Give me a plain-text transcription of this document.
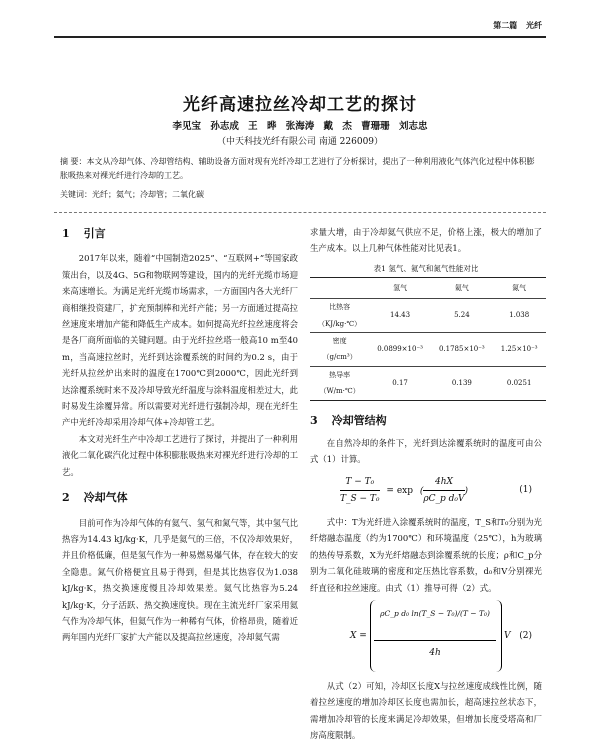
第二篇 光纤
光纤高速拉丝冷却工艺的探讨
李见宝 孙志成 王 晔 张海涛 戴 杰 曹珊珊 刘志忠
（中天科技光纤有限公司 南通 226009）
摘 要：本文从冷却气体、冷却管结构、辅助设备方面对现有光纤冷却工艺进行了分析探讨，提出了一种利用液化气体汽化过程中体积膨胀吸热来对裸光纤进行冷却的工艺。
关键词：光纤；氦气；冷却管；二氧化碳
1 引言

2017年以来，随着“中国制造2025”、“互联网+”等国家政策出台，以及4G、5G和物联网等建设，国内的光纤光缆市场迎来高速增长。为满足光纤光缆市场需求，一方面国内各大光纤厂商相继投资建厂，扩充预制棒和光纤产能；另一方面通过提高拉丝速度来增加产能和降低生产成本。如何提高光纤拉丝速度将会是各厂商所面临的关键问题。由于光纤拉丝塔一般高10 m至40 m，当高速拉丝时，光纤到达涂覆系统的时间约为0.2 s，由于光纤从拉丝炉出来时的温度在1700℃到2000℃，因此光纤到达涂覆系统时来不及冷却导致光纤温度与涂料温度相差过大，此时易发生涂覆异常。所以需要对光纤进行强制冷却，现在光纤生产中光纤冷却采用冷却气体+冷却管工艺。

本文对光纤生产中冷却工艺进行了探讨，并提出了一种利用液化二氧化碳汽化过程中体积膨胀吸热来对裸光纤进行冷却的工艺。

2 冷却气体

目前可作为冷却气体的有氦气、氢气和氮气等，其中氢气比热容为14.43 kJ/kg·K，几乎是氦气的三倍，不仅冷却效果好，并且价格低廉，但是氢气作为一种易燃易爆气体，存在较大的安全隐患。氮气价格便宜且易于得到，但是其比热容仅为1.038 kJ/kg·K，热交换速度慢且冷却效果差。氦气比热容为5.24 kJ/kg·K，分子活跃、热交换速度快。现在主流光纤厂家采用氦气作为冷却气体，但氦气作为一种稀有气体，价格昂贵，随着近两年国内光纤厂家扩大产能以及提高拉丝速度，冷却氦气需

求量大增，由于冷却氦气供应不足，价格上涨，极大的增加了生产成本。以上几种气体性能对比见表1。

表1 氢气、氦气和氮气性能对比
	氢气	氦气	氮气
比热容（KJ/kg·℃）	14.43	5.24	1.038
密度（g/cm³）	0.0899×10⁻³	0.1785×10⁻³	1.25×10⁻³
热导率（W/m·℃）	0.17	0.139	0.0251
3 冷却管结构

在自然冷却的条件下，光纤到达涂覆系统时的温度可由公式（1）计算。

$\frac{\text{T − T₀}}{\text{T\_S − T₀}} = \exp$ ( $\frac{4hX}{\text{ρC\_p d₀V}}$ )	(1)

式中：T为光纤进入涂覆系统时的温度，T_S和T₀分别为光纤熔融态温度（约为1700℃）和环境温度（25℃），h为玻璃的热传导系数，X为光纤熔融态到涂覆系统的长度；ρ和C_p分别为二氧化硅玻璃的密度和定压热比容系数，d₀和V分别裸光纤直径和拉丝速度。由式（1）推导可得（2）式。

X =
ρC_p d₀ ln(T_S − T₀)/(T − T₀)
4h
V (2)

从式（2）可知，冷却区长度X与拉丝速度成线性比例，随着拉丝速度的增加冷却区长度也需加长，超高速拉丝状态下，需增加冷却管的长度来满足冷却效果，但增加长度受塔高和厂房高度限制。
